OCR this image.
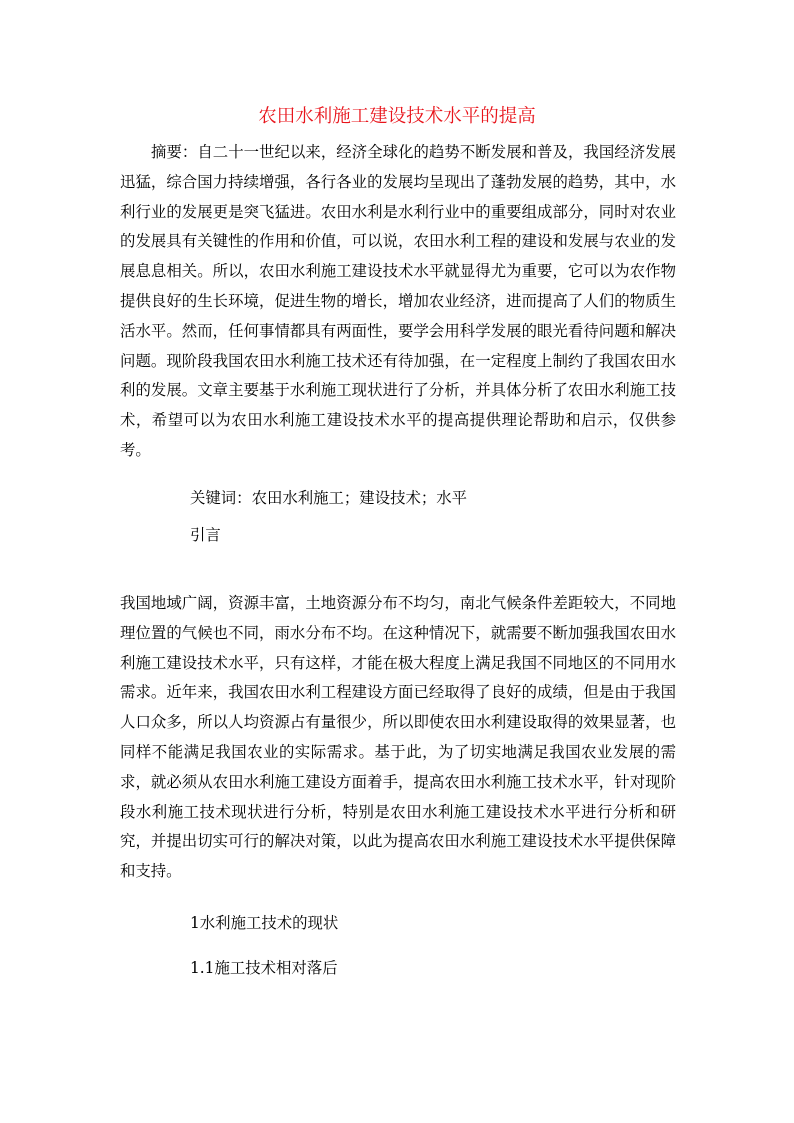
农田水利施工建设技术水平的提高

摘要：自二十一世纪以来，经济全球化的趋势不断发展和普及，我国经济发展迅猛，综合国力持续增强，各行各业的发展均呈现出了蓬勃发展的趋势，其中，水利行业的发展更是突飞猛进。农田水利是水利行业中的重要组成部分，同时对农业的发展具有关键性的作用和价值，可以说，农田水利工程的建设和发展与农业的发展息息相关。所以，农田水利施工建设技术水平就显得尤为重要，它可以为农作物提供良好的生长环境，促进生物的增长，增加农业经济，进而提高了人们的物质生活水平。然而，任何事情都具有两面性，要学会用科学发展的眼光看待问题和解决问题。现阶段我国农田水利施工技术还有待加强，在一定程度上制约了我国农田水利的发展。文章主要基于水利施工现状进行了分析，并具体分析了农田水利施工技术，希望可以为农田水利施工建设技术水平的提高提供理论帮助和启示，仅供参考。

关键词：农田水利施工；建设技术；水平

引言

我国地域广阔，资源丰富，土地资源分布不均匀，南北气候条件差距较大，不同地理位置的气候也不同，雨水分布不均。在这种情况下，就需要不断加强我国农田水利施工建设技术水平，只有这样，才能在极大程度上满足我国不同地区的不同用水需求。近年来，我国农田水利工程建设方面已经取得了良好的成绩，但是由于我国人口众多，所以人均资源占有量很少，所以即使农田水利建设取得的效果显著，也同样不能满足我国农业的实际需求。基于此，为了切实地满足我国农业发展的需求，就必须从农田水利施工建设方面着手，提高农田水利施工技术水平，针对现阶段水利施工技术现状进行分析，特别是农田水利施工建设技术水平进行分析和研究，并提出切实可行的解决对策，以此为提高农田水利施工建设技术水平提供保障和支持。

1水利施工技术的现状

1.1施工技术相对落后
